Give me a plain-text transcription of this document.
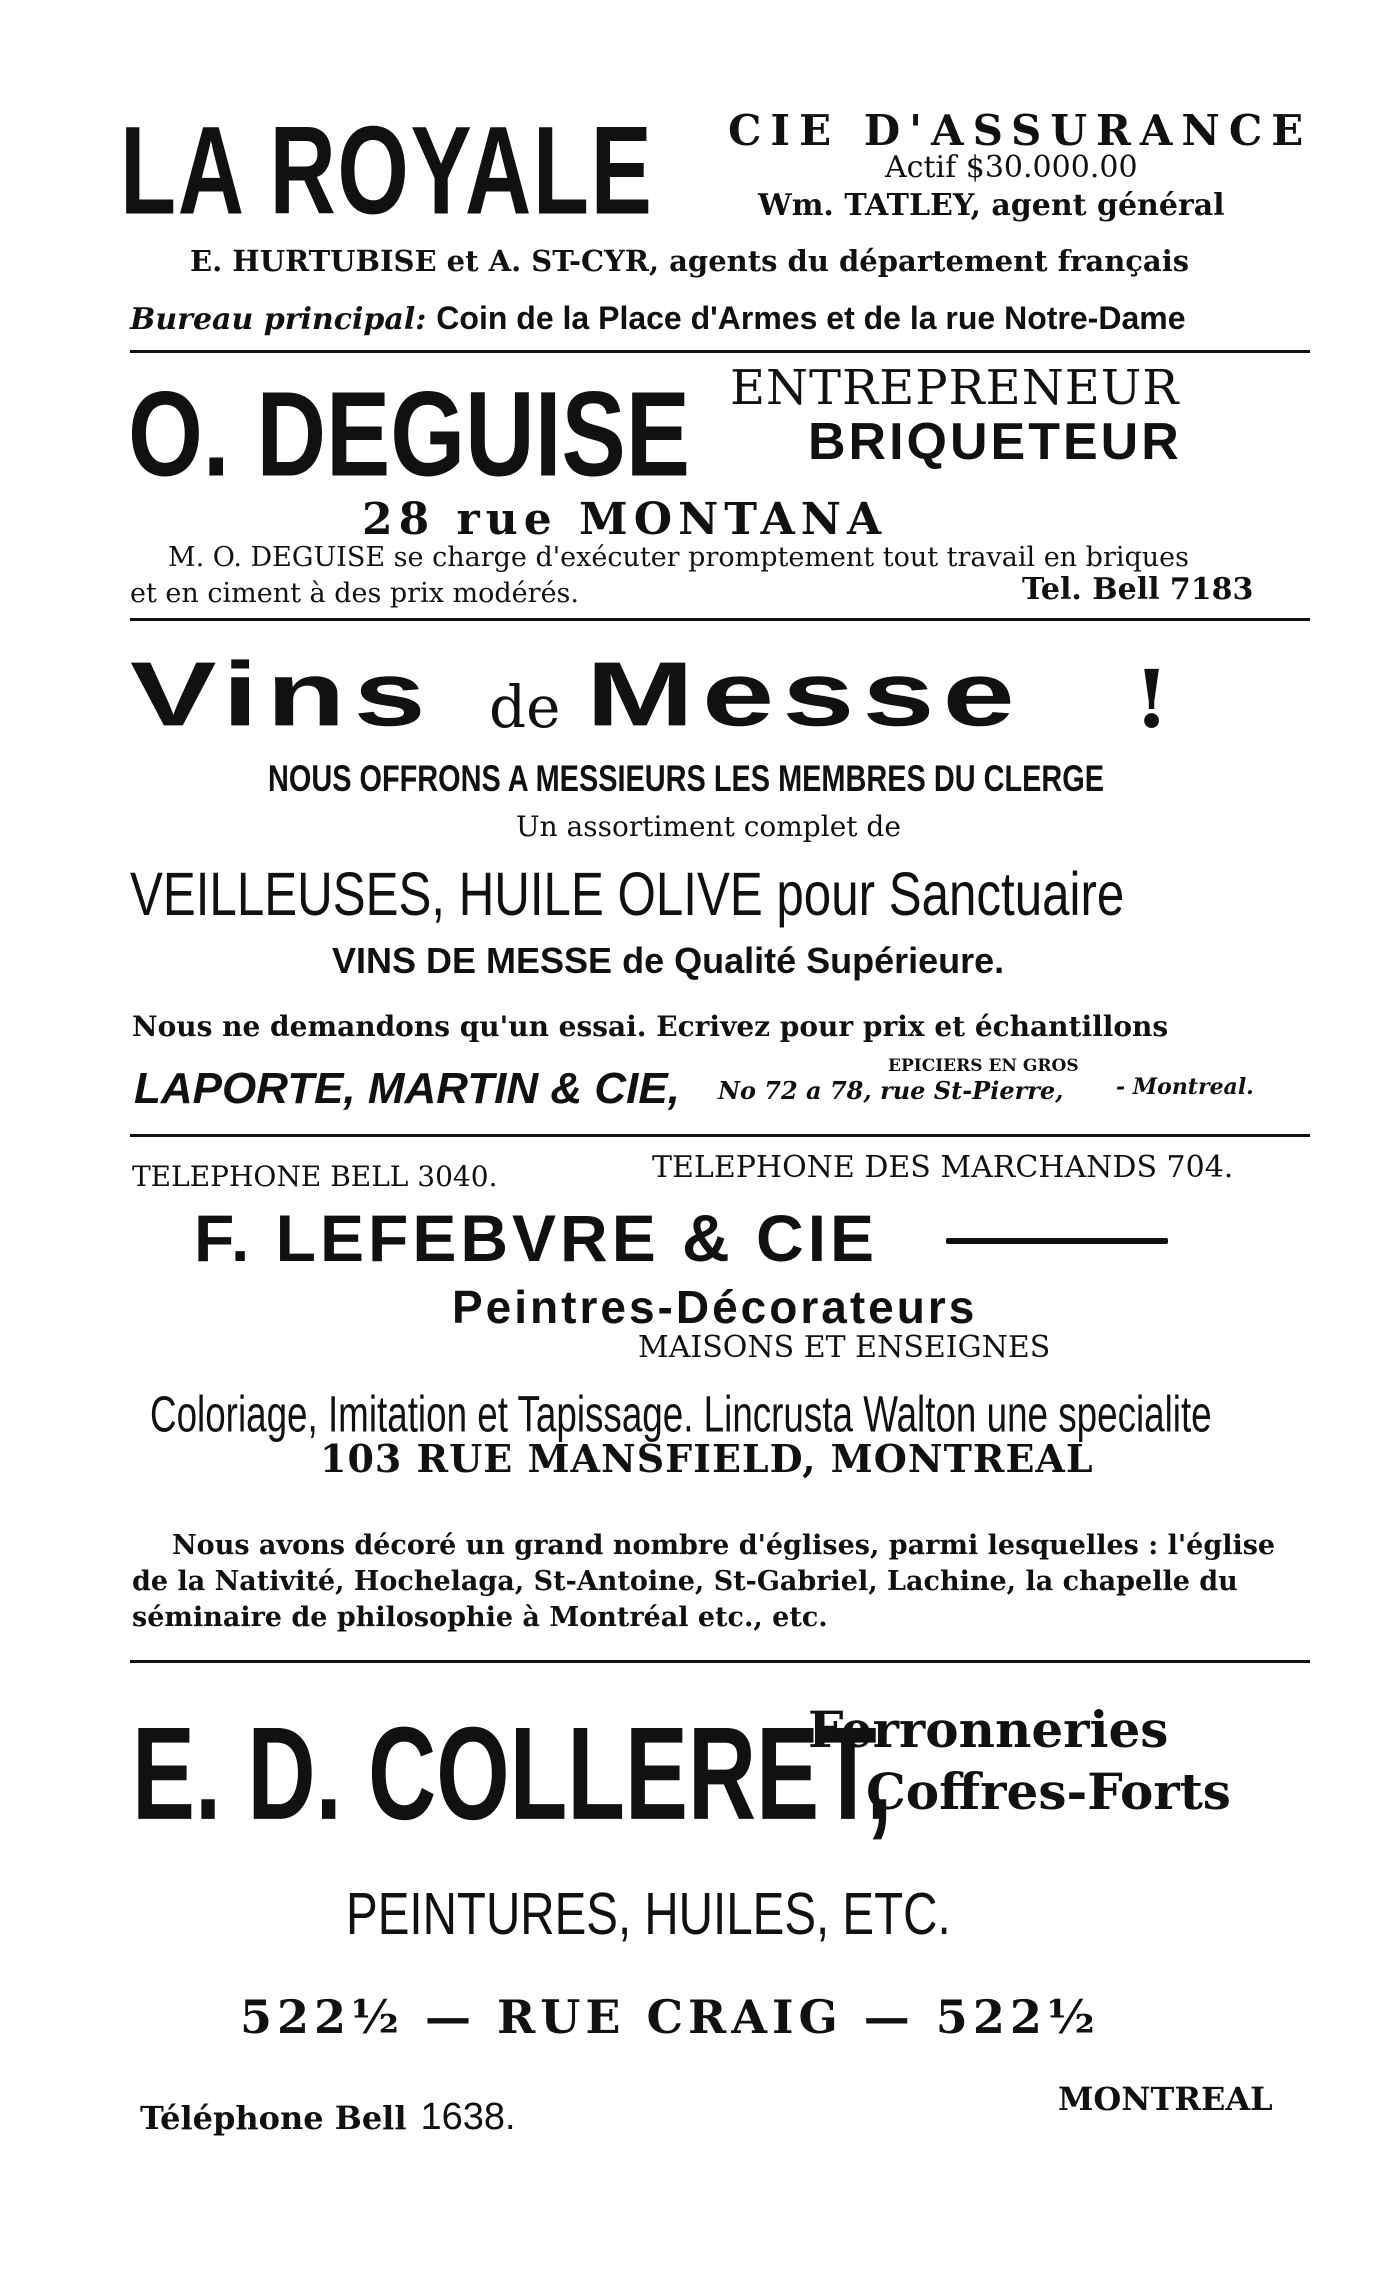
LA ROYALE CIE D'ASSURANCE
Actif $30.000.00
Wm. TATLEY, agent général
E. HURTUBISE et A. ST-CYR, agents du département français
Bureau principal: Coin de la Place d'Armes et de la rue Notre-Dame
O. DEGUISE ENTREPRENEUR
BRIQUETEUR
28 rue MONTANA
M. O. DEGUISE se charge d'exécuter promptement tout travail en briques
et en ciment à des prix modérés.	Tel. Bell 7183
Vins de Messe !
NOUS OFFRONS A MESSIEURS LES MEMBRES DU CLERGE
Un assortiment complet de
VEILLEUSES, HUILE OLIVE pour Sanctuaire
VINS DE MESSE de Qualité Supérieure.
Nous ne demandons qu'un essai. Ecrivez pour prix et échantillons
LAPORTE, MARTIN & CIE,	EPICIERS EN GROS
No 72 a 78, rue St-Pierre, - Montreal.
TELEPHONE BELL 3040.	TELEPHONE DES MARCHANDS 704.
F. LEFEBVRE & CIE
Peintres-Décorateurs
MAISONS ET ENSEIGNES
Coloriage, Imitation et Tapissage. Lincrusta Walton une specialite
103 RUE MANSFIELD, MONTREAL
Nous avons décoré un grand nombre d'églises, parmi lesquelles : l'église
de la Nativité, Hochelaga, St-Antoine, St-Gabriel, Lachine, la chapelle du
séminaire de philosophie à Montréal etc., etc.
E. D. COLLERET,
Ferronneries
Coffres-Forts
PEINTURES, HUILES, ETC.
522½ — RUE CRAIG — 522½
Téléphone Bell 1638.	MONTREAL
